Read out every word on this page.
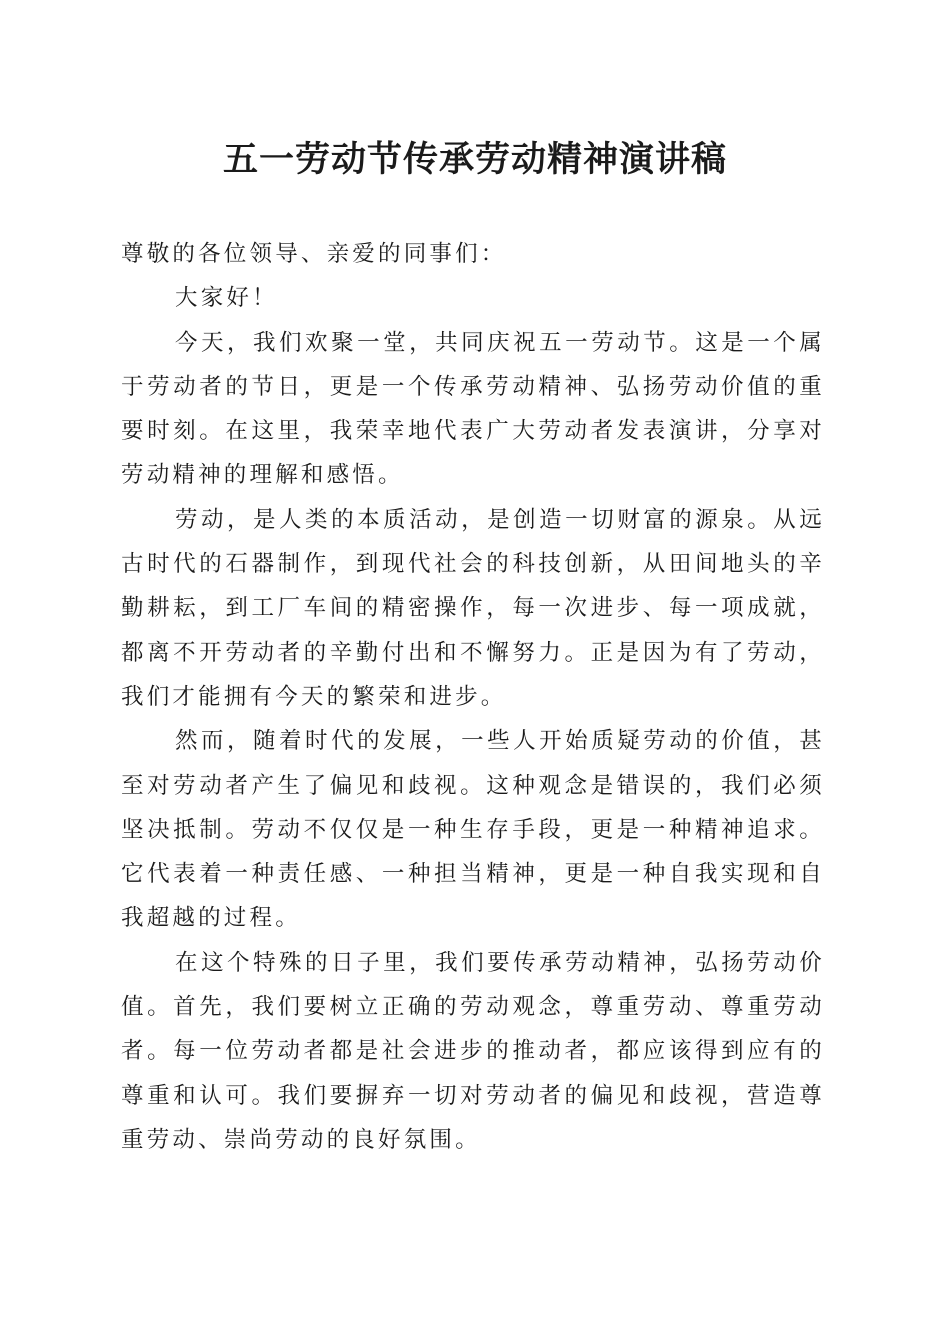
五一劳动节传承劳动精神演讲稿

尊敬的各位领导、亲爱的同事们：

大家好！

今天，我们欢聚一堂，共同庆祝五一劳动节。这是一个属于劳动者的节日，更是一个传承劳动精神、弘扬劳动价值的重要时刻。在这里，我荣幸地代表广大劳动者发表演讲，分享对劳动精神的理解和感悟。

劳动，是人类的本质活动，是创造一切财富的源泉。从远古时代的石器制作，到现代社会的科技创新，从田间地头的辛勤耕耘，到工厂车间的精密操作，每一次进步、每一项成就，都离不开劳动者的辛勤付出和不懈努力。正是因为有了劳动，我们才能拥有今天的繁荣和进步。

然而，随着时代的发展，一些人开始质疑劳动的价值，甚至对劳动者产生了偏见和歧视。这种观念是错误的，我们必须坚决抵制。劳动不仅仅是一种生存手段，更是一种精神追求。它代表着一种责任感、一种担当精神，更是一种自我实现和自我超越的过程。

在这个特殊的日子里，我们要传承劳动精神，弘扬劳动价值。首先，我们要树立正确的劳动观念，尊重劳动、尊重劳动者。每一位劳动者都是社会进步的推动者，都应该得到应有的尊重和认可。我们要摒弃一切对劳动者的偏见和歧视，营造尊重劳动、崇尚劳动的良好氛围。
